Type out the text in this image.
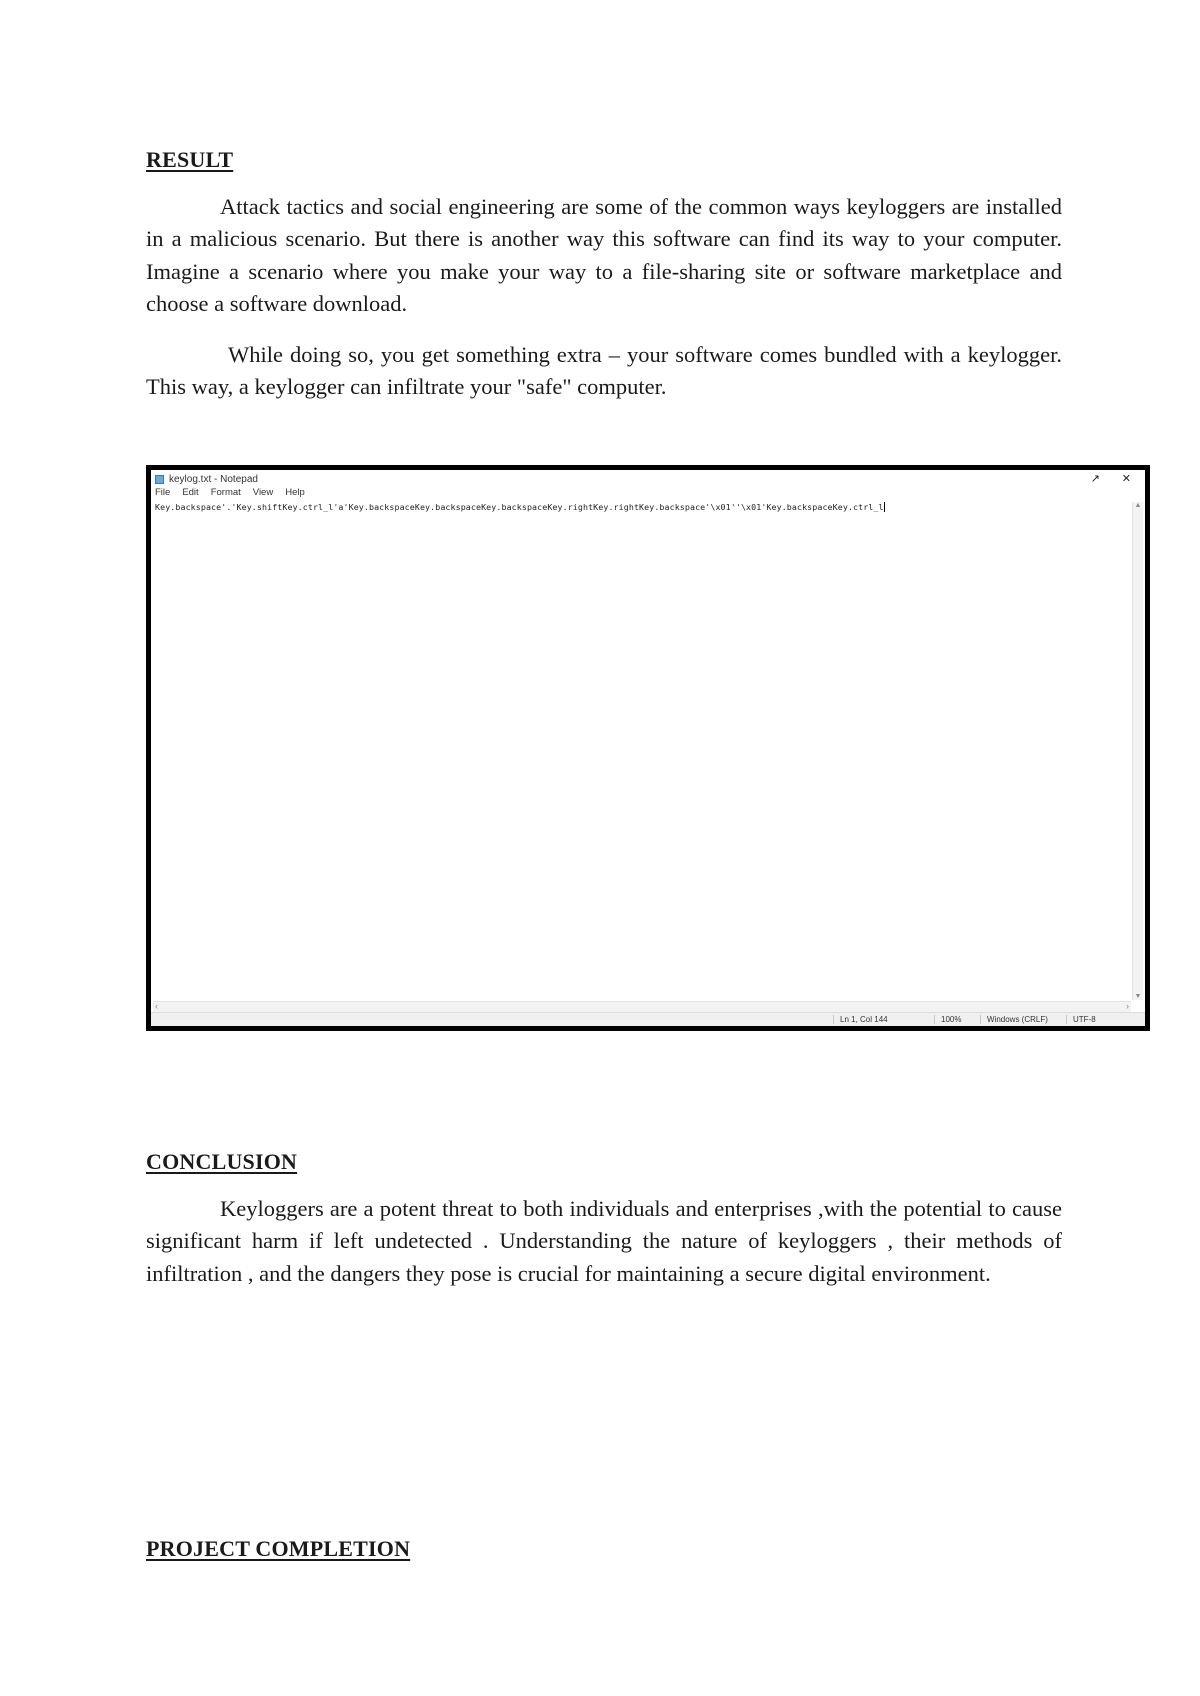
RESULT

Attack tactics and social engineering are some of the common ways keyloggers are installed in a malicious scenario. But there is another way this software can find its way to your computer. Imagine a scenario where you make your way to a file-sharing site or software marketplace and choose a software download.

While doing so, you get something extra – your software comes bundled with a keylogger. This way, a keylogger can infiltrate your "safe" computer.

keylog.txt - Notepad	↗ ✕
File Edit Format View Help
Key.backspace'.'Key.shiftKey.ctrl_l'a'Key.backspaceKey.backspaceKey.backspaceKey.rightKey.rightKey.backspace'\x01''\x01'Key.backspaceKey.ctrl_l	▲
▼
‹	›
Ln 1, Col 144	100%	Windows (CRLF)	UTF-8
CONCLUSION

Keyloggers are a potent threat to both individuals and enterprises ,with the potential to cause significant harm if left undetected . Understanding the nature of keyloggers , their methods of infiltration , and the dangers they pose is crucial for maintaining a secure digital environment.

PROJECT COMPLETION
